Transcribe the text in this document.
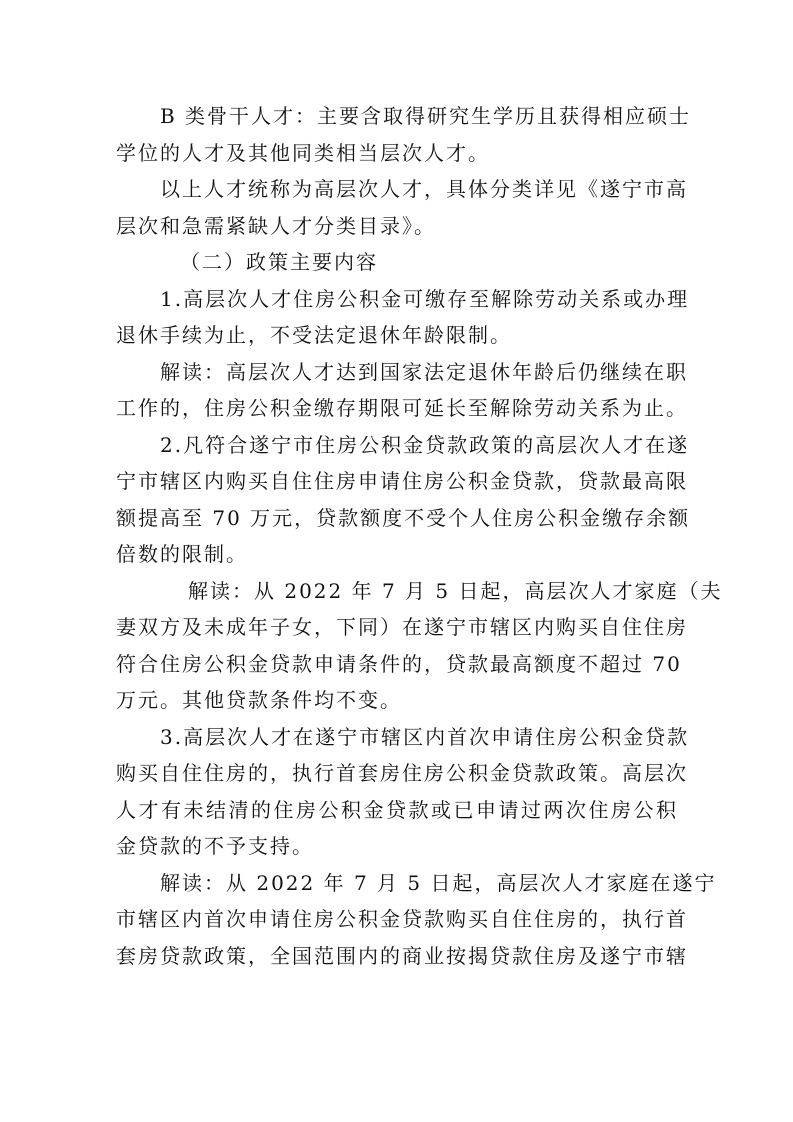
B 类骨干人才：主要含取得研究生学历且获得相应硕士
学位的人才及其他同类相当层次人才。
以上人才统称为高层次人才，具体分类详见《遂宁市高
层次和急需紧缺人才分类目录》。
（二）政策主要内容
1.高层次人才住房公积金可缴存至解除劳动关系或办理
退休手续为止，不受法定退休年龄限制。
解读：高层次人才达到国家法定退休年龄后仍继续在职
工作的，住房公积金缴存期限可延长至解除劳动关系为止。
2.凡符合遂宁市住房公积金贷款政策的高层次人才在遂
宁市辖区内购买自住住房申请住房公积金贷款，贷款最高限
额提高至 70 万元，贷款额度不受个人住房公积金缴存余额
倍数的限制。
解读：从 2022 年 7 月 5 日起，高层次人才家庭（夫
妻双方及未成年子女，下同）在遂宁市辖区内购买自住住房
符合住房公积金贷款申请条件的，贷款最高额度不超过 70
万元。其他贷款条件均不变。
3.高层次人才在遂宁市辖区内首次申请住房公积金贷款
购买自住住房的，执行首套房住房公积金贷款政策。高层次
人才有未结清的住房公积金贷款或已申请过两次住房公积
金贷款的不予支持。
解读：从 2022 年 7 月 5 日起，高层次人才家庭在遂宁
市辖区内首次申请住房公积金贷款购买自住住房的，执行首
套房贷款政策，全国范围内的商业按揭贷款住房及遂宁市辖
